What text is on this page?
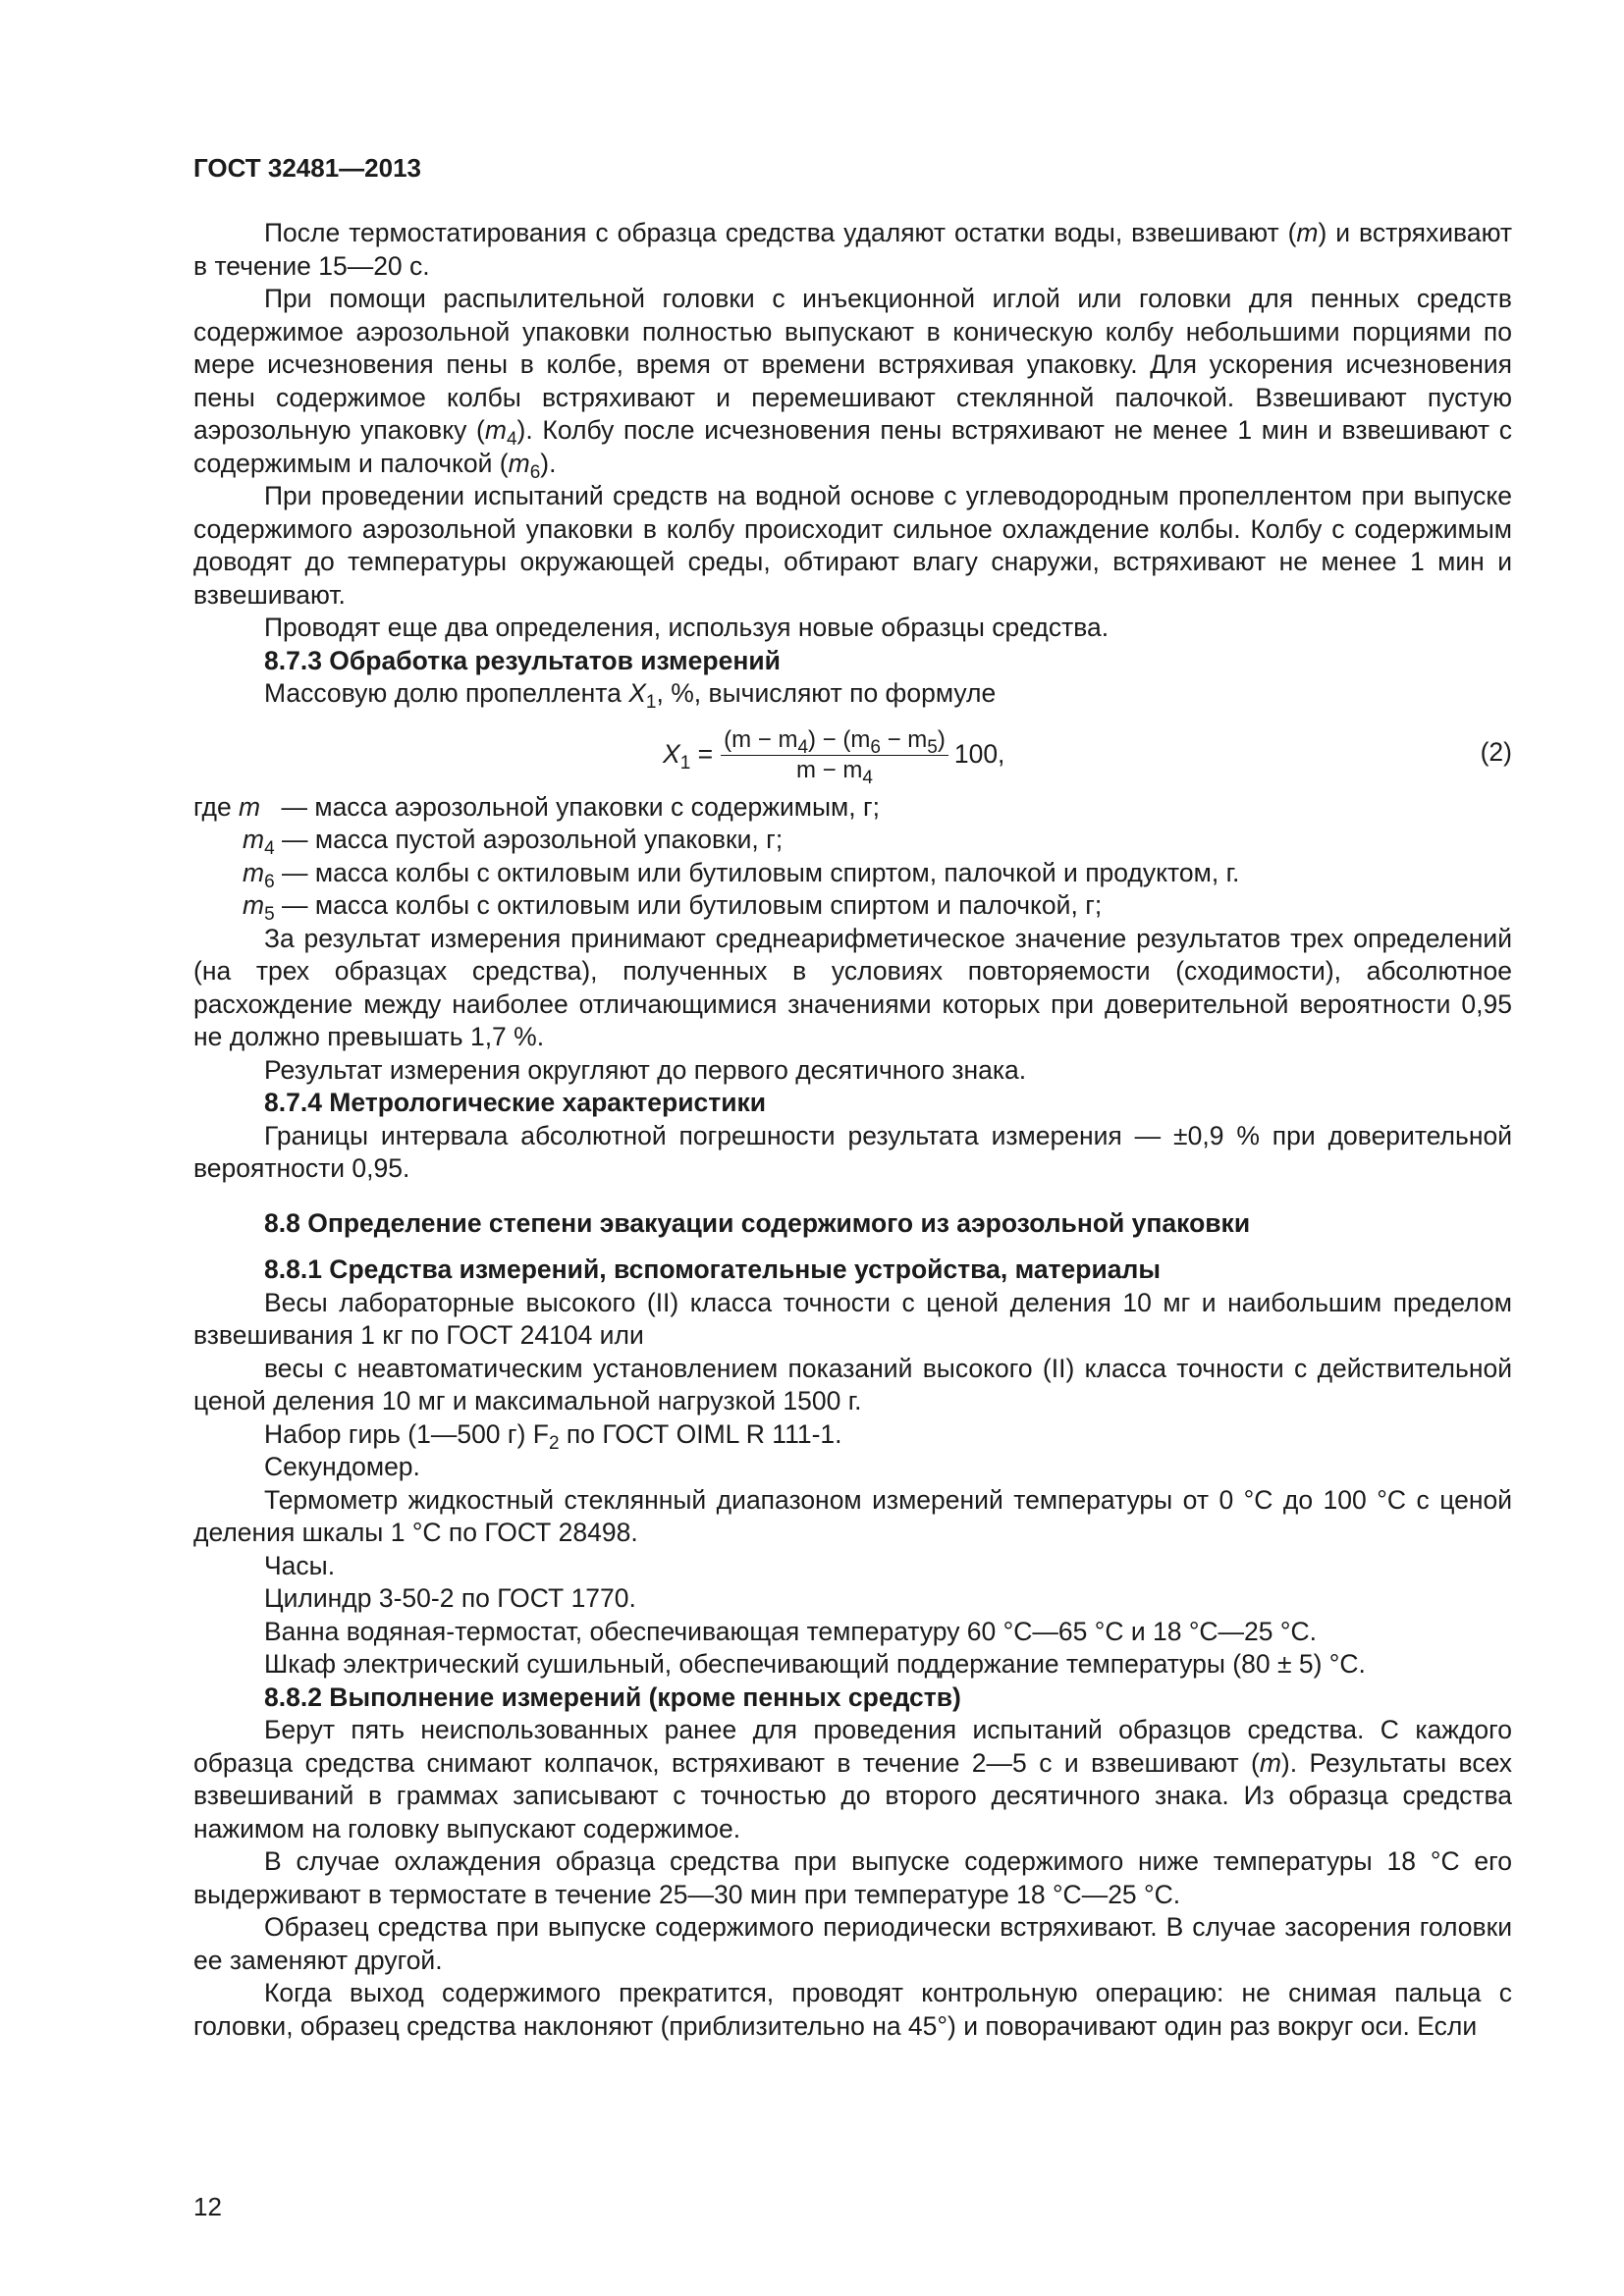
ГОСТ 32481—2013

После термостатирования с образца средства удаляют остатки воды, взвешивают (m) и встряхивают в течение 15—20 с.

При помощи распылительной головки с инъекционной иглой или головки для пенных средств содержимое аэрозольной упаковки полностью выпускают в коническую колбу небольшими порциями по мере исчезновения пены в колбе, время от времени встряхивая упаковку. Для ускорения исчезновения пены содержимое колбы встряхивают и перемешивают стеклянной палочкой. Взвешивают пустую аэрозольную упаковку $(m_4)$. Колбу после исчезновения пены встряхивают не менее 1 мин и взвешивают с содержимым и палочкой $(m_6)$.

При проведении испытаний средств на водной основе с углеводородным пропеллентом при выпуске содержимого аэрозольной упаковки в колбу происходит сильное охлаждение колбы. Колбу с содержимым доводят до температуры окружающей среды, обтирают влагу снаружи, встряхивают не менее 1 мин и взвешивают.

Проводят еще два определения, используя новые образцы средства.

8.7.3 Обработка результатов измерений

Массовую долю пропеллента $X_1$, %, вычисляют по формуле

$X_1 = \frac{(m - m_4) - (m_6 - m_5)}{m - m_4} 100$,	(2)

где m — масса аэрозольной упаковки с содержимым, г;

$m_4$ — масса пустой аэрозольной упаковки, г;

$m_6$ — масса колбы с октиловым или бутиловым спиртом, палочкой и продуктом, г.

$m_5$ — масса колбы с октиловым или бутиловым спиртом и палочкой, г;

За результат измерения принимают среднеарифметическое значение результатов трех определений (на трех образцах средства), полученных в условиях повторяемости (сходимости), абсолютное расхождение между наиболее отличающимися значениями которых при доверительной вероятности 0,95 не должно превышать 1,7 %.

Результат измерения округляют до первого десятичного знака.

8.7.4 Метрологические характеристики

Границы интервала абсолютной погрешности результата измерения — ±0,9 % при доверительной вероятности 0,95.

8.8 Определение степени эвакуации содержимого из аэрозольной упаковки

8.8.1 Средства измерений, вспомогательные устройства, материалы

Весы лабораторные высокого (II) класса точности с ценой деления 10 мг и наибольшим пределом взвешивания 1 кг по ГОСТ 24104 или

весы с неавтоматическим установлением показаний высокого (II) класса точности с действительной ценой деления 10 мг и максимальной нагрузкой 1500 г.

Набор гирь (1—500 г) $F_2$ по ГОСТ OIML R 111-1.

Секундомер.

Термометр жидкостный стеклянный диапазоном измерений температуры от 0 °С до 100 °С с ценой деления шкалы 1 °С по ГОСТ 28498.

Часы.

Цилиндр 3-50-2 по ГОСТ 1770.

Ванна водяная-термостат, обеспечивающая температуру 60 °С—65 °С и 18 °С—25 °С.

Шкаф электрический сушильный, обеспечивающий поддержание температуры (80 ± 5) °С.

8.8.2 Выполнение измерений (кроме пенных средств)

Берут пять неиспользованных ранее для проведения испытаний образцов средства. С каждого образца средства снимают колпачок, встряхивают в течение 2—5 с и взвешивают (m). Результаты всех взвешиваний в граммах записывают с точностью до второго десятичного знака. Из образца средства нажимом на головку выпускают содержимое.

В случае охлаждения образца средства при выпуске содержимого ниже температуры 18 °С его выдерживают в термостате в течение 25—30 мин при температуре 18 °С—25 °С.

Образец средства при выпуске содержимого периодически встряхивают. В случае засорения головки ее заменяют другой.

Когда выход содержимого прекратится, проводят контрольную операцию: не снимая пальца с головки, образец средства наклоняют (приблизительно на 45°) и поворачивают один раз вокруг оси. Если

12
